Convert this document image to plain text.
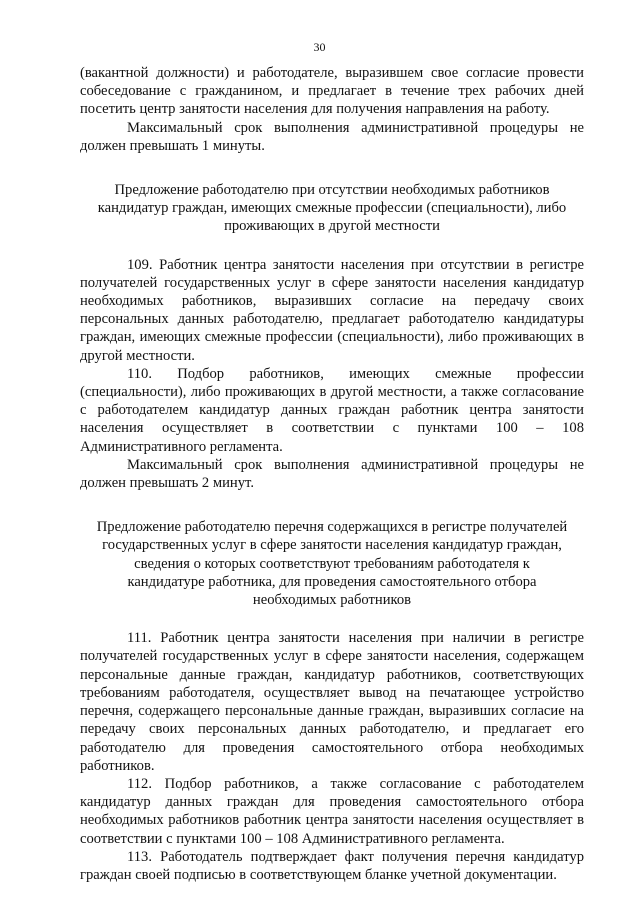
30

(вакантной должности) и работодателе, выразившем свое согласие провести собеседование с гражданином, и предлагает в течение трех рабочих дней посетить центр занятости населения для получения направления на работу.

Максимальный срок выполнения административной процедуры не должен превышать 1 минуты.

Предложение работодателю при отсутствии необходимых работников кандидатур граждан, имеющих смежные профессии (специальности), либо проживающих в другой местности

109. Работник центра занятости населения при отсутствии в регистре получателей государственных услуг в сфере занятости населения кандидатур необходимых работников, выразивших согласие на передачу своих персональных данных работодателю, предлагает работодателю кандидатуры граждан, имеющих смежные профессии (специальности), либо проживающих в другой местности.

110. Подбор работников, имеющих смежные профессии (специальности), либо проживающих в другой местности, а также согласование с работодателем кандидатур данных граждан работник центра занятости населения осуществляет в соответствии с пунктами 100 – 108 Административного регламента.

Максимальный срок выполнения административной процедуры не должен превышать 2 минут.

Предложение работодателю перечня содержащихся в регистре получателей государственных услуг в сфере занятости населения кандидатур граждан, сведения о которых соответствуют требованиям работодателя к кандидатуре работника, для проведения самостоятельного отбора необходимых работников

111. Работник центра занятости населения при наличии в регистре получателей государственных услуг в сфере занятости населения, содержащем персональные данные граждан, кандидатур работников, соответствующих требованиям работодателя, осуществляет вывод на печатающее устройство перечня, содержащего персональные данные граждан, выразивших согласие на передачу своих персональных данных работодателю, и предлагает его работодателю для проведения самостоятельного отбора необходимых работников.

112. Подбор работников, а также согласование с работодателем кандидатур данных граждан для проведения самостоятельного отбора необходимых работников работник центра занятости населения осуществляет в соответствии с пунктами 100 – 108 Административного регламента.

113. Работодатель подтверждает факт получения перечня кандидатур граждан своей подписью в соответствующем бланке учетной документации.
